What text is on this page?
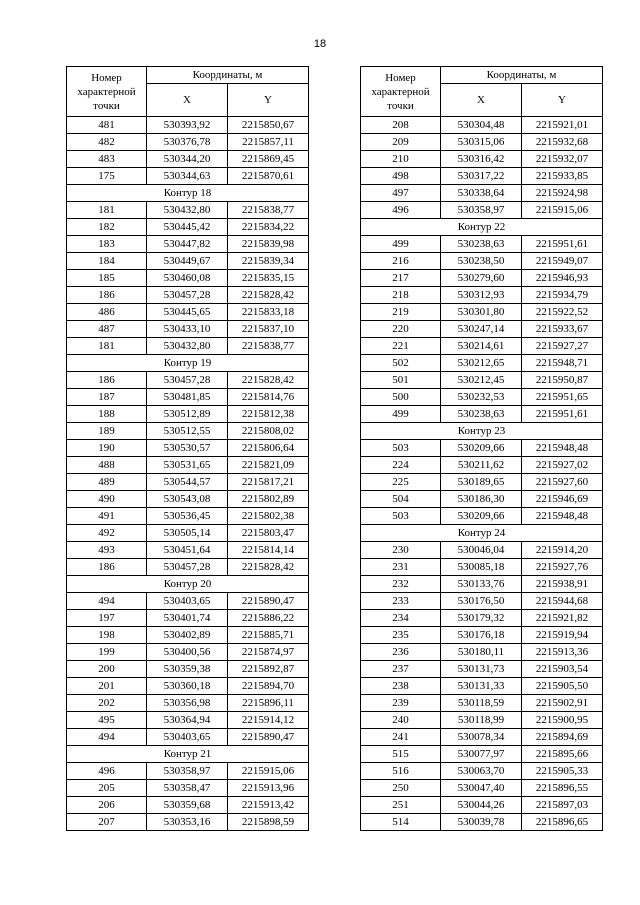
18
Номер характерной точки	Координаты, м	
	X	Y
481	530393,92	2215850,67
482	530376,78	2215857,11
483	530344,20	2215869,45
175	530344,63	2215870,61
Контур 18		
181	530432,80	2215838,77
182	530445,42	2215834,22
183	530447,82	2215839,98
184	530449,67	2215839,34
185	530460,08	2215835,15
186	530457,28	2215828,42
486	530445,65	2215833,18
487	530433,10	2215837,10
181	530432,80	2215838,77
Контур 19		
186	530457,28	2215828,42
187	530481,85	2215814,76
188	530512,89	2215812,38
189	530512,55	2215808,02
190	530530,57	2215806,64
488	530531,65	2215821,09
489	530544,57	2215817,21
490	530543,08	2215802,89
491	530536,45	2215802,38
492	530505,14	2215803,47
493	530451,64	2215814,14
186	530457,28	2215828,42
Контур 20		
494	530403,65	2215890,47
197	530401,74	2215886,22
198	530402,89	2215885,71
199	530400,56	2215874,97
200	530359,38	2215892,87
201	530360,18	2215894,70
202	530356,98	2215896,11
495	530364,94	2215914,12
494	530403,65	2215890,47
Контур 21		
496	530358,97	2215915,06
205	530358,47	2215913,96
206	530359,68	2215913,42
207	530353,16	2215898,59
Номер характерной точки	Координаты, м	
	X	Y
208	530304,48	2215921,01
209	530315,06	2215932,68
210	530316,42	2215932,07
498	530317,22	2215933,85
497	530338,64	2215924,98
496	530358,97	2215915,06
Контур 22		
499	530238,63	2215951,61
216	530238,50	2215949,07
217	530279,60	2215946,93
218	530312,93	2215934,79
219	530301,80	2215922,52
220	530247,14	2215933,67
221	530214,61	2215927,27
502	530212,65	2215948,71
501	530212,45	2215950,87
500	530232,53	2215951,65
499	530238,63	2215951,61
Контур 23		
503	530209,66	2215948,48
224	530211,62	2215927,02
225	530189,65	2215927,60
504	530186,30	2215946,69
503	530209,66	2215948,48
Контур 24		
230	530046,04	2215914,20
231	530085,18	2215927,76
232	530133,76	2215938,91
233	530176,50	2215944,68
234	530179,32	2215921,82
235	530176,18	2215919,94
236	530180,11	2215913,36
237	530131,73	2215903,54
238	530131,33	2215905,50
239	530118,59	2215902,91
240	530118,99	2215900,95
241	530078,34	2215894,69
515	530077,97	2215895,66
516	530063,70	2215905,33
250	530047,40	2215896,55
251	530044,26	2215897,03
514	530039,78	2215896,65
